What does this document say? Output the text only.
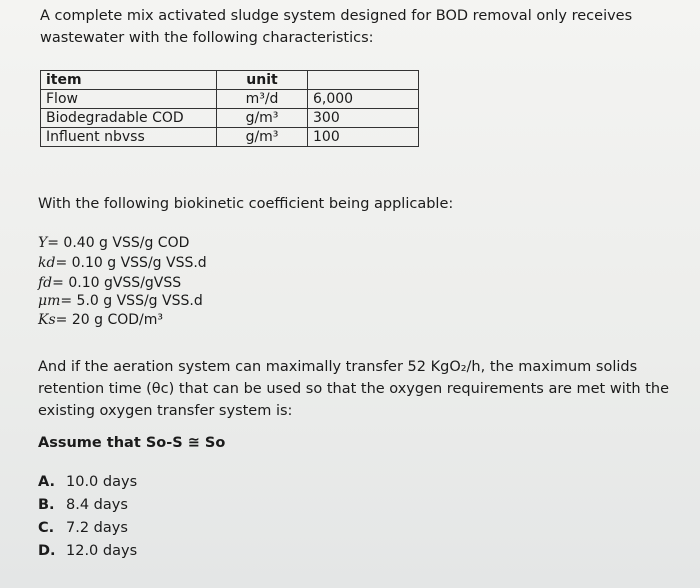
A complete mix activated sludge system designed for BOD removal only receives wastewater with the following characteristics:
item	unit	
Flow	m³/d	6,000
Biodegradable COD	g/m³	300
Influent nbvss	g/m³	100
With the following biokinetic coefficient being applicable:
Y= 0.40 g VSS/g COD
kd= 0.10 g VSS/g VSS.d
fd= 0.10 gVSS/gVSS
μm= 5.0 g VSS/g VSS.d
Ks= 20 g COD/m³
And if the aeration system can maximally transfer 52 KgO₂/h, the maximum solids retention time (θc) that can be used so that the oxygen requirements are met with the existing oxygen transfer system is:
Assume that So-S ≅ So
A. 10.0 days
B. 8.4 days
C. 7.2 days
D. 12.0 days
